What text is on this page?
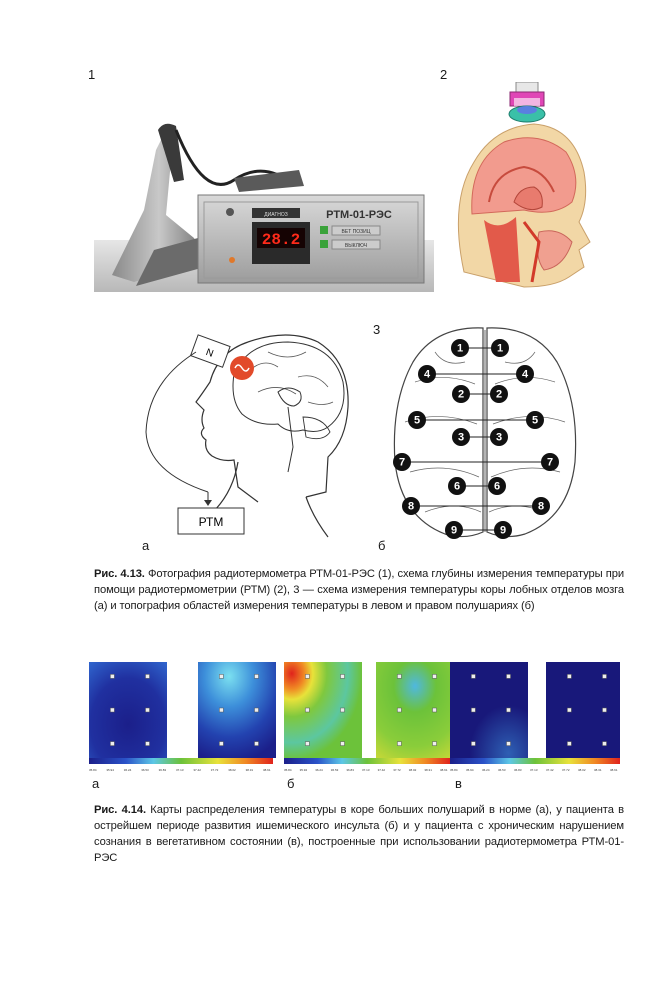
1	2
3
а	б
ДИАГНОЗ	РТМ-01-РЭС
28.2	ВЕТ ПОЗИЦ
ВЫКЛЮЧ
N
РТМ
1	1
4	4
2	2
5	5
3	3
7	7
6	6
8	8
9	9
Рис. 4.13. Фотография радиотермометра РТМ-01-РЭС (1), схема глубины измерения температуры при помощи радиотермометрии (РТМ) (2), 3 — схема измерения температуры коры лобных отделов мозга (а) и топография областей измерения температуры в левом и правом полушариях (б)
35.84	35.94	36.24	36.53	36.83	37.13	37.42	37.72	38.02	38.31	38.61	35.84	35.94	36.24	36.53	36.83	37.13	37.42	37.72	38.02	38.31	38.61 35.84	35.94	36.24	36.53	36.83	37.13	37.42	37.72	38.02	38.31	38.61
а	б	в
Рис. 4.14. Карты распределения температуры в коре больших полушарий в норме (а), у пациента в острейшем периоде развития ишемического инсульта (б) и у пациента с хроническим нарушением сознания в вегетативном состоянии (в), построенные при использовании радиотермометра РТМ-01-РЭС
